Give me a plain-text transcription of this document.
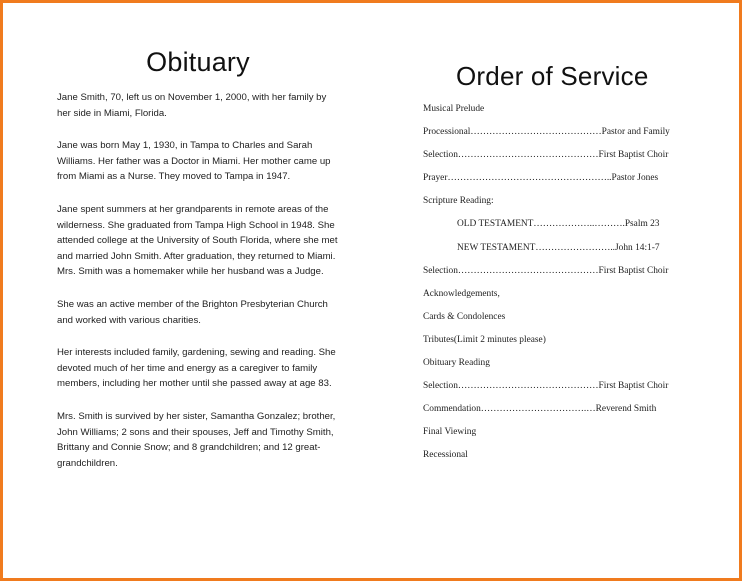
Obituary

Jane Smith, 70, left us on November 1, 2000, with her family by her side in Miami, Florida.

Jane was born May 1, 1930, in Tampa to Charles and Sarah Williams. Her father was a Doctor in Miami. Her mother came up from Miami as a Nurse. They moved to Tampa in 1947.

Jane spent summers at her grandparents in remote areas of the wilderness. She graduated from Tampa High School in 1948. She attended college at the University of South Florida, where she met and married John Smith. After graduation, they returned to Miami. Mrs. Smith was a homemaker while her husband was a Judge.

She was an active member of the Brighton Presbyterian Church and worked with various charities.

Her interests included family, gardening, sewing and reading. She devoted much of her time and energy as a caregiver to family members, including her mother until she passed away at age 83.

Mrs. Smith is survived by her sister, Samantha Gonzalez; brother, John Williams; 2 sons and their spouses, Jeff and Timothy Smith, Brittany and Connie Snow; and 8 grandchildren; and 12 great-grandchildren.

Order of Service
Musical Prelude
Processional……………………………………Pastor and Family
Selection………………………………………First Baptist Choir
Prayer……………………………………………..Pastor Jones
Scripture Reading:
OLD TESTAMENT………………..……….Psalm 23
NEW TESTAMENT……………………..John 14:1-7
Selection………………………………………First Baptist Choir
Acknowledgements,
Cards & Condolences
Tributes(Limit 2 minutes please)
Obituary Reading
Selection………………………………………First Baptist Choir
Commendation…………………………….…Reverend Smith
Final Viewing
Recessional
